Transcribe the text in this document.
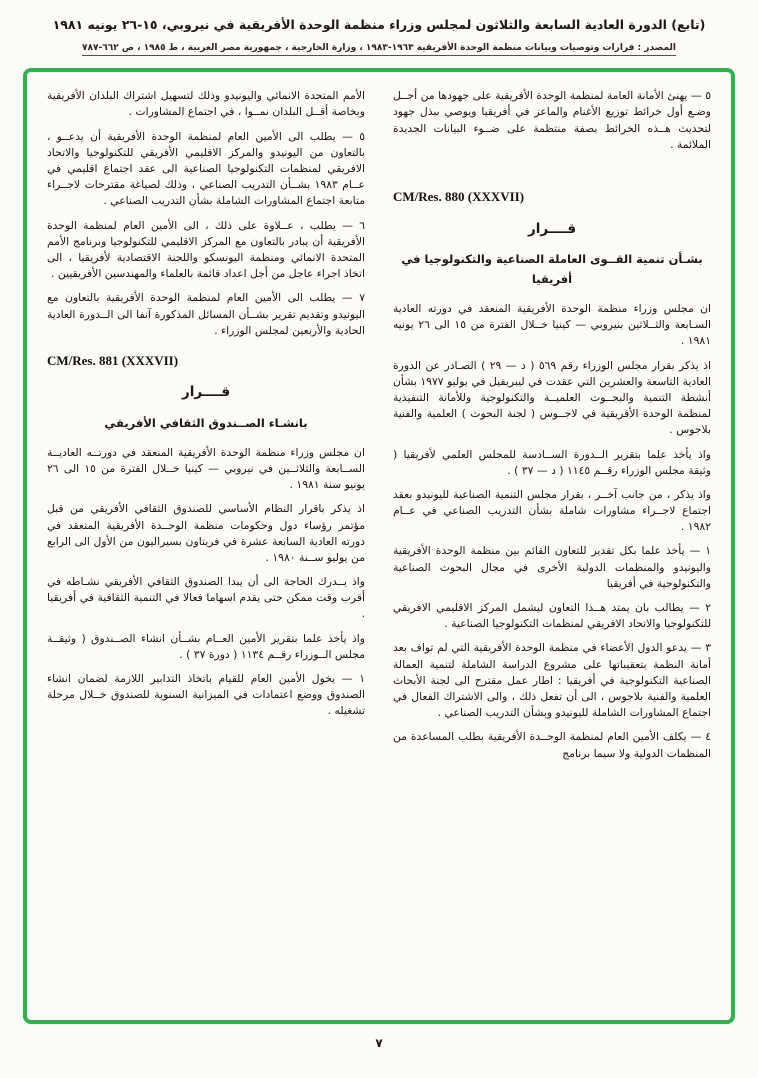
(تابع) الدورة العادية السابعة والثلاثون لمجلس وزراء منظمة الوحدة الأفريقية في نيروبي، ١٥-٢٦ يونيه ١٩٨١
المصدر : قرارات وتوصيات وبيانات منظمة الوحدة الأفريقية ١٩٦٣-١٩٨٣ ، وزارة الخارجية ، جمهورية مصر العربية ، ط ١٩٨٥ ، ص ٦٦٢-٧٨٧

٥ — يهنئ الأمانة العامة لمنظمة الوحدة الأفريقية على جهودها من أجــل وضـع أول خرائط توزيع الأغنام والماعز في أفريقيا ويوصي ببذل جهود لتحديث هــذه الخرائط بصفة منتظمة على ضــوء البيانات الجديدة الملائمة .

CM/Res. 880 (XXXVII)
قــــرار
بشـأن تنمية القــوى العاملة الصناعية والتكنولوجيا في أفريقيا

ان مجلس وزراء منظمة الوحدة الأفريقية المنعقد في دورته العادية السـابعة والثــلاثين بنيروبي — كينيا خــلال الفترة من ١٥ الى ٢٦ يونيه ١٩٨١ .

اذ يذكر بقرار مجلس الوزراء رقم ٥٦٩ ( د — ٢٩ ) الصـادر عن الدورة العادية التاسعة والعشرين التي عقدت في ليبريفيل في يوليو ١٩٧٧ بشأن أنشطة التنمية والبحــوث العلميــة والتكنولوجية وللأمانة التنفيذية لمنظمة الوحدة الأفريقية في لاجــوس ( لجنة البحوث ) العلمية والفنية بلاجوس .

واذ يأخذ علما بتقرير الــدورة الســادسة للمجلس العلمي لأفريقيا ( وثيقة مجلس الوزراء رقــم ١١٤٥ ( د — ٣٧ ) .

واذ يذكر ، من جانب آخــر ، بقرار مجلس التنمية الصناعية لليونيدو بعقد اجتماع لاجــراء مشاورات شاملة بشأن التدريب الصناعي في عــام ١٩٨٢ .

١ — يأخذ علما بكل تقدير للتعاون القائم بين منظمة الوحدة الأفريقية واليونيدو والمنظمات الدولية الأخرى في مجال البحوث الصناعية والتكنولوجية في أفريقيا

٢ — يطالب بان يمتد هــذا التعاون ليشمل المركز الاقليمي الافريقي للتكنولوجيا والاتحاد الافريقي لمنظمات التكنولوجيا الصناعية .

٣ — يدعو الدول الأعضاء في منظمة الوحدة الأفريقية التي لم تواف بعد أمانة النظمة بتعقيباتها على مشروع الدراسة الشاملة لتنمية العمالة الصناعية التكنولوجية في أفريقيا : اطار عمل مقترح الى لجنة الأبحاث العلمية والفنية بلاجوس ، الى أن تفعل ذلك ، والى الاشتراك الفعال في اجتماع المشاورات الشاملة لليونيدو وبشأن التدريب الصناعي .

٤ — يكلف الأمين العام لمنظمة الوحــدة الأفريقية بطلب المساعدة من المنظمات الدولية ولا سيما برنامج

الأمم المتحدة الانمائي واليونيدو وذلك لتسهيل اشتراك البلدان الأفريقية وبخاصة أقــل البلدان نمــوا ، في اجتماع المشاورات .

٥ — يطلب الى الأمين العام لمنظمة الوحدة الأفريقية أن يدعــو ، بالتعاون من اليونيدو والمركز الاقليمي الأفريقي للتكنولوجيا والاتحاد الافريقي لمنظمات التكنولوجيا الصناعية الى عقد اجتماع اقليمي في عــام ١٩٨٣ بشــأن التدريب الصناعي ، وذلك لصياغة مقترحات لاجــراء متابعة اجتماع المشاورات الشاملة بشأن التدريب الصناعي .

٦ — يطلب ، عــلاوة على ذلك ، الى الأمين العام لمنظمة الوحدة الأفريقية أن يبادر بالتعاون مع المركز الاقليمي للتكنولوجيا وبرنامج الأمم المتحدة الانمائي ومنظمة اليونسكو واللجنة الاقتصادية لأفريقيا ، الى اتخاذ اجراء عاجل من أجل اعداد قائمة بالعلماء والمهندسين الأفريقيين .

٧ — يطلب الى الأمين العام لمنظمة الوحدة الأفريقية بالتعاون مع اليونيدو وتقديم تقرير بشــأن المسائل المذكورة آنفا الى الــدورة العادية الحادية والأربعين لمجلس الوزراء .

CM/Res. 881 (XXXVII)
قــــرار
بانشـاء الصــندوق الثقافي الأفريقي

ان مجلس وزراء منظمة الوحدة الأفريقية المنعقد في دورتــه العاديــة الســابعة والثلاثــين في نيروبي — كينيا خــلال الفترة من ١٥ الى ٢٦ يونيو سنة ١٩٨١ .

اذ يذكر باقرار النظام الأساسي للصندوق الثقافي الأفريقي من قبل مؤتمر رؤساء دول وحكومات منظمة الوحــدة الأفريقية المنعقد في دورته العادية السابعة عشرة في فريتاون بسيراليون من الأول الى الرابع من يوليو ســنة ١٩٨٠ .

واذ يــدرك الحاجة الى أن يبدا الصندوق الثقافي الأفريقي نشـاطه في أقرب وقت ممكن حتى يقدم اسهاما فعالا في التنمية الثقافية في أفريقيا .

واذ يأخذ علما بتقرير الأمين العــام بشــأن انشاء الصــندوق ( وثيقــة مجلس الــوزراء رقــم ١١٣٤ ( دورة ٣٧ ) .

١ — يخول الأمين العام للقيام باتخاذ التدابير اللازمة لضمان انشاء الصندوق ووضع اعتمادات في الميزانية السنوية للصندوق خــلال مرحلة تشغيله .

٧
